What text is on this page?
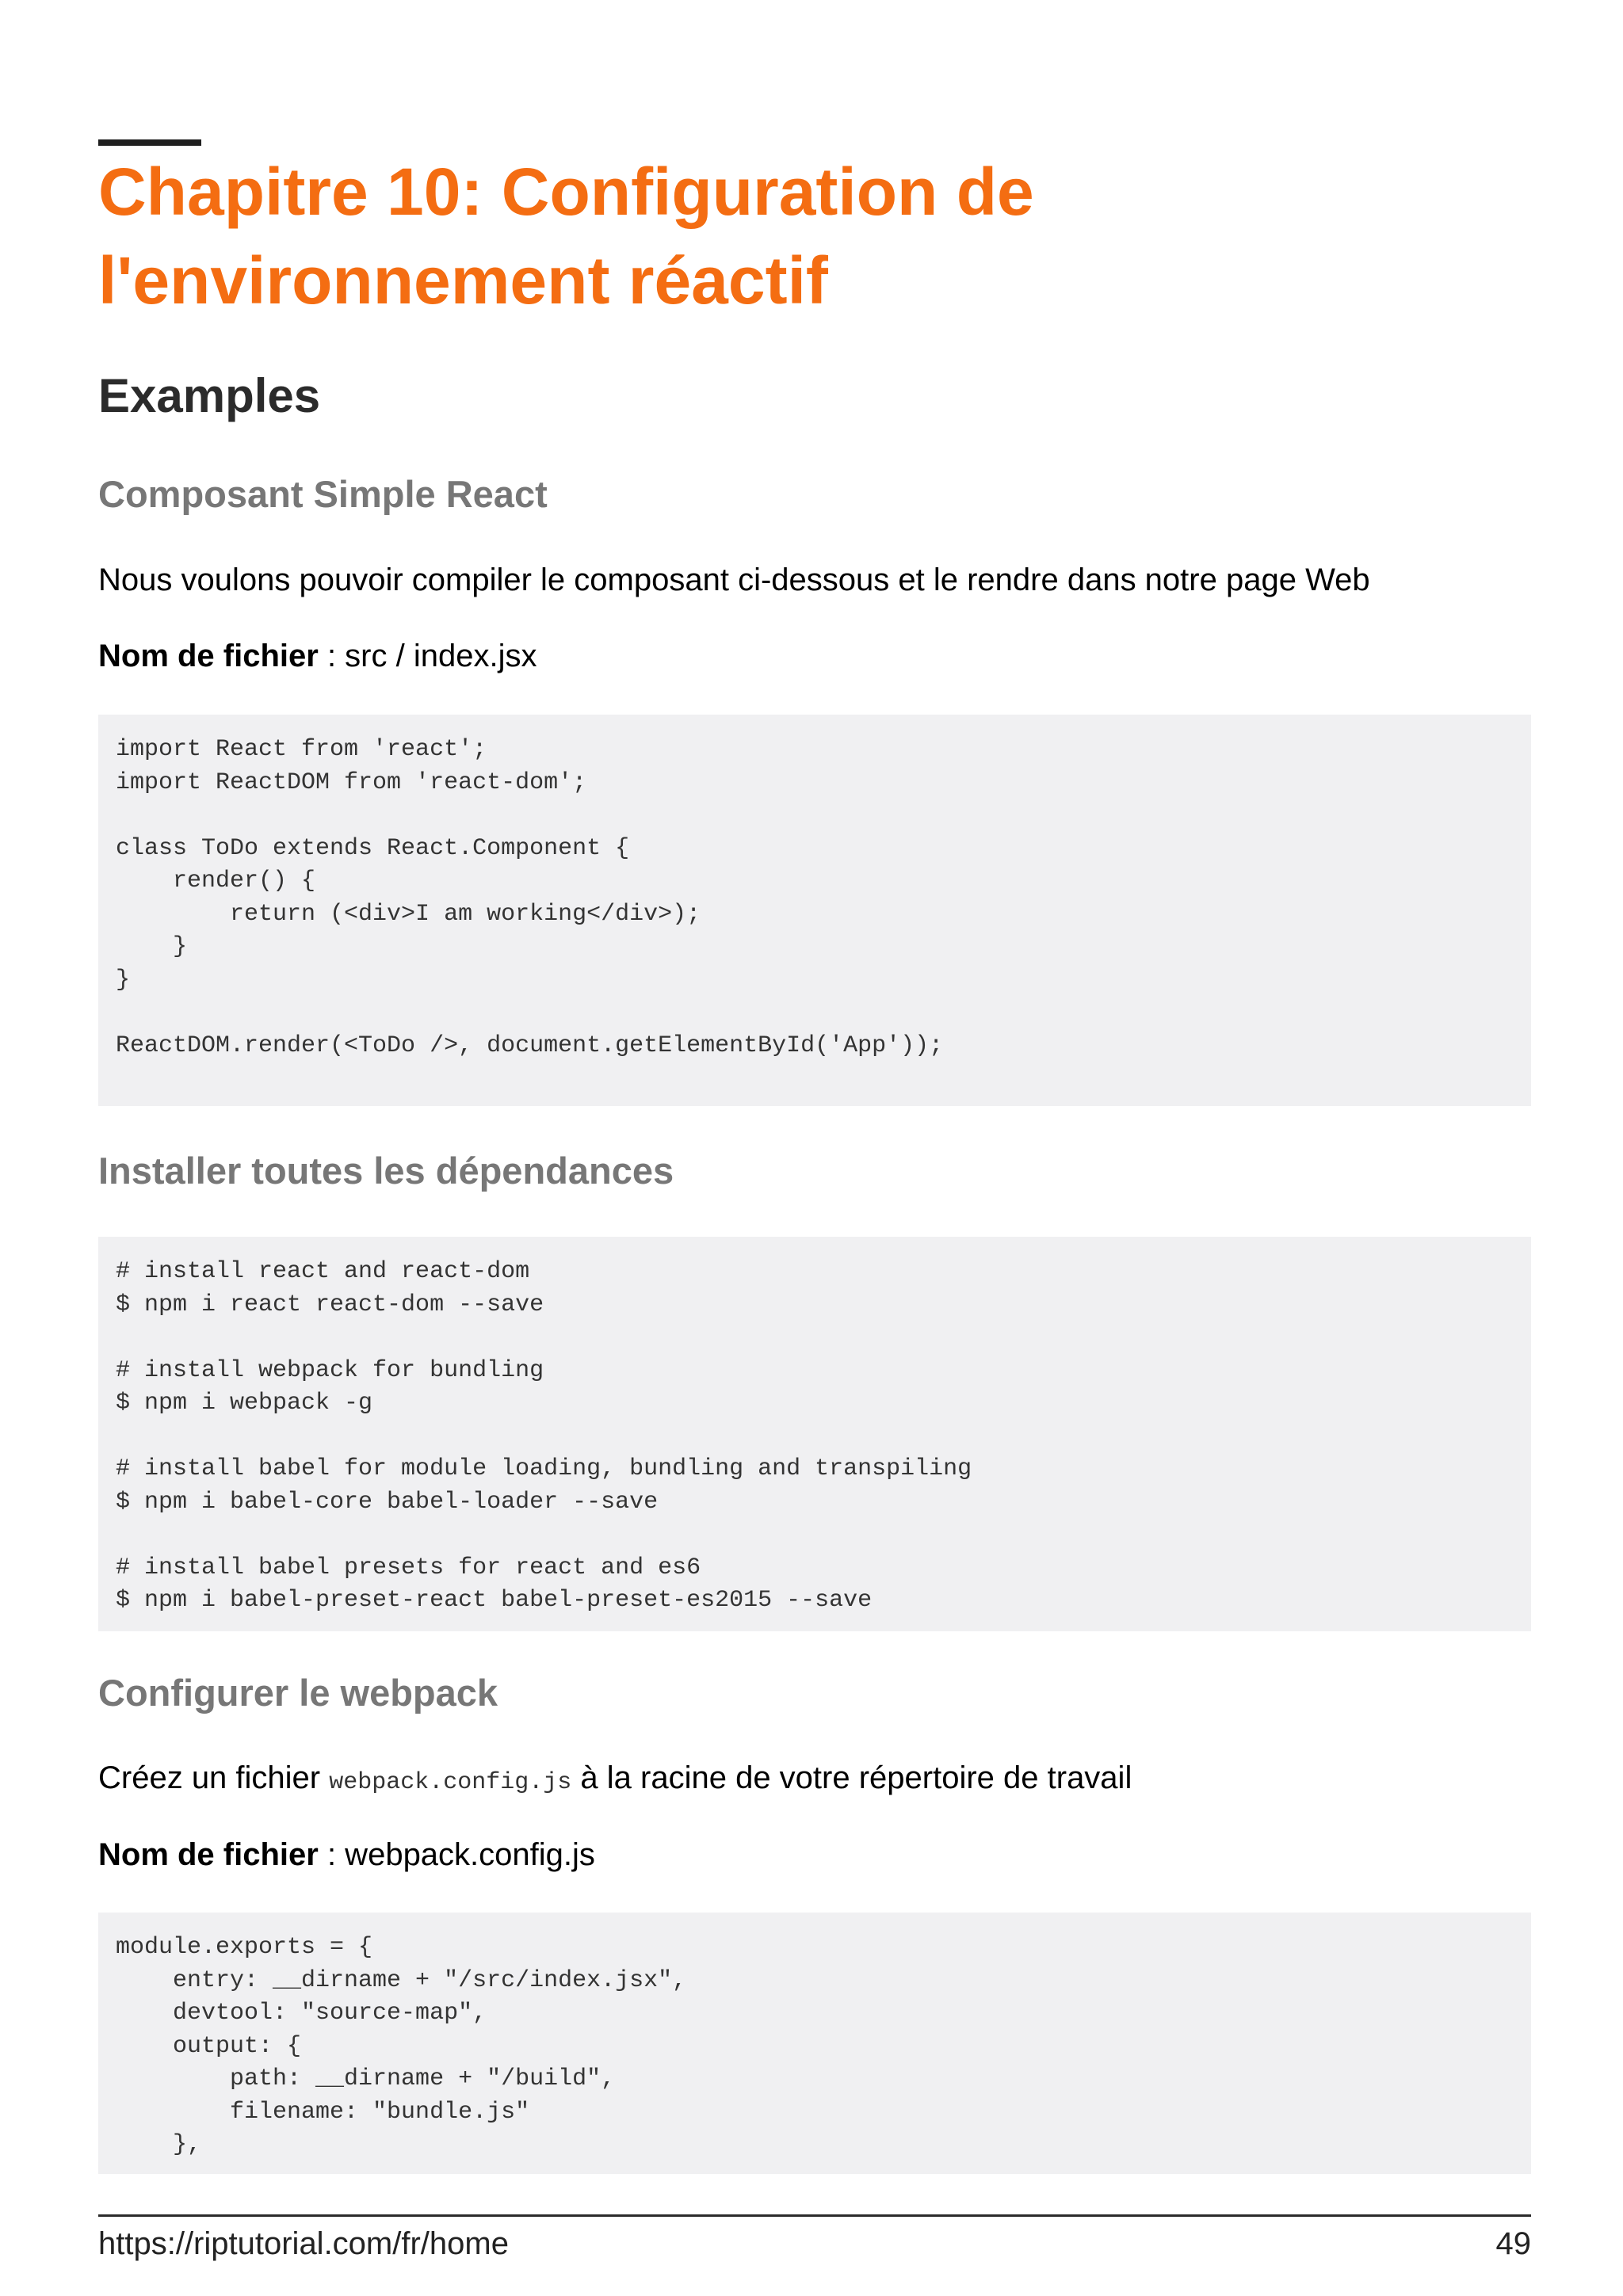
Chapitre 10: Configuration de
l'environnement réactif
Examples
Composant Simple React

Nous voulons pouvoir compiler le composant ci-dessous et le rendre dans notre page Web

Nom de fichier : src / index.jsx

import React from 'react';
import ReactDOM from 'react-dom';

class ToDo extends React.Component {
render() {
return (<div>I am working</div>);
}
}

ReactDOM.render(<ToDo />, document.getElementById('App'));
Installer toutes les dépendances
# install react and react-dom
$ npm i react react-dom --save

# install webpack for bundling
$ npm i webpack -g

# install babel for module loading, bundling and transpiling
$ npm i babel-core babel-loader --save

# install babel presets for react and es6
$ npm i babel-preset-react babel-preset-es2015 --save
Configurer le webpack

Créez un fichier webpack.config.js à la racine de votre répertoire de travail

Nom de fichier : webpack.config.js

module.exports = {
entry: __dirname + "/src/index.jsx",
devtool: "source-map",
output: {
path: __dirname + "/build",
filename: "bundle.js"
},
https://riptutorial.com/fr/home	49
